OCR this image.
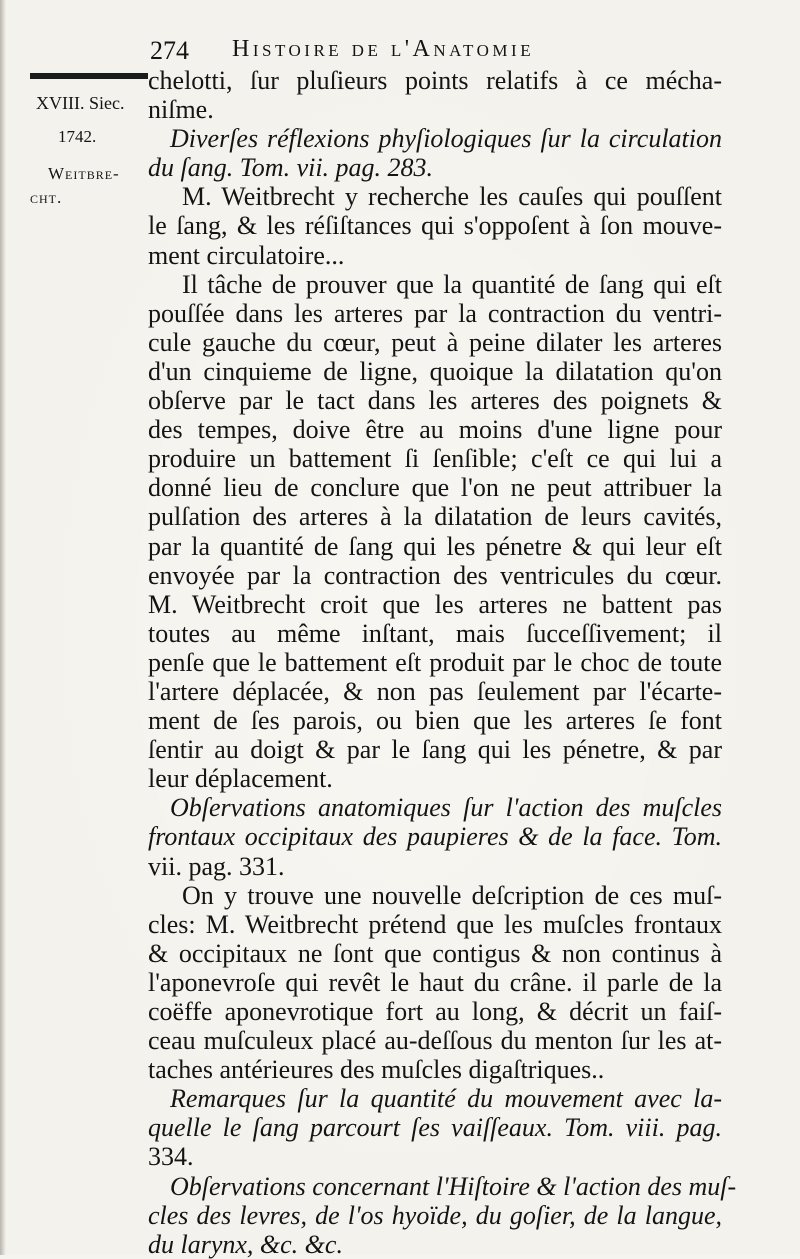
274 Histoire de l'Anatomie
XVIII. Siec.
1742.
Weitbre-
cht.
chelotti, ſur pluſieurs points relatifs à ce mécha-
niſme.
Diverſes réflexions phyſiologiques ſur la circulation
du ſang. Tom. vii. pag. 283.
M. Weitbrecht y recherche les cauſes qui pouſſent
le ſang, & les réſiſtances qui s'oppoſent à ſon mouve-
ment circulatoire...
Il tâche de prouver que la quantité de ſang qui eſt
pouſſée dans les arteres par la contraction du ventri-
cule gauche du cœur, peut à peine dilater les arteres
d'un cinquieme de ligne, quoique la dilatation qu'on
obſerve par le tact dans les arteres des poignets &
des tempes, doive être au moins d'une ligne pour
produire un battement ſi ſenſible; c'eſt ce qui lui a
donné lieu de conclure que l'on ne peut attribuer la
pulſation des arteres à la dilatation de leurs cavités,
par la quantité de ſang qui les pénetre & qui leur eſt
envoyée par la contraction des ventricules du cœur.
M. Weitbrecht croit que les arteres ne battent pas
toutes au même inſtant, mais ſucceſſivement; il
penſe que le battement eſt produit par le choc de toute
l'artere déplacée, & non pas ſeulement par l'écarte-
ment de ſes parois, ou bien que les arteres ſe font
ſentir au doigt & par le ſang qui les pénetre, & par
leur déplacement.
Obſervations anatomiques ſur l'action des muſcles
frontaux occipitaux des paupieres & de la face. Tom.
vii. pag. 331.
On y trouve une nouvelle deſcription de ces muſ-
cles: M. Weitbrecht prétend que les muſcles frontaux
& occipitaux ne ſont que contigus & non continus à
l'aponevroſe qui revêt le haut du crâne. il parle de la
coëffe aponevrotique fort au long, & décrit un faiſ-
ceau muſculeux placé au-deſſous du menton ſur les at-
taches antérieures des muſcles digaſtriques..
Remarques ſur la quantité du mouvement avec la-
quelle le ſang parcourt ſes vaiſſeaux. Tom. viii. pag.
334.
Obſervations concernant l'Hiſtoire & l'action des muſ-
cles des levres, de l'os hyoïde, du goſier, de la langue,
du larynx, &c. &c.
